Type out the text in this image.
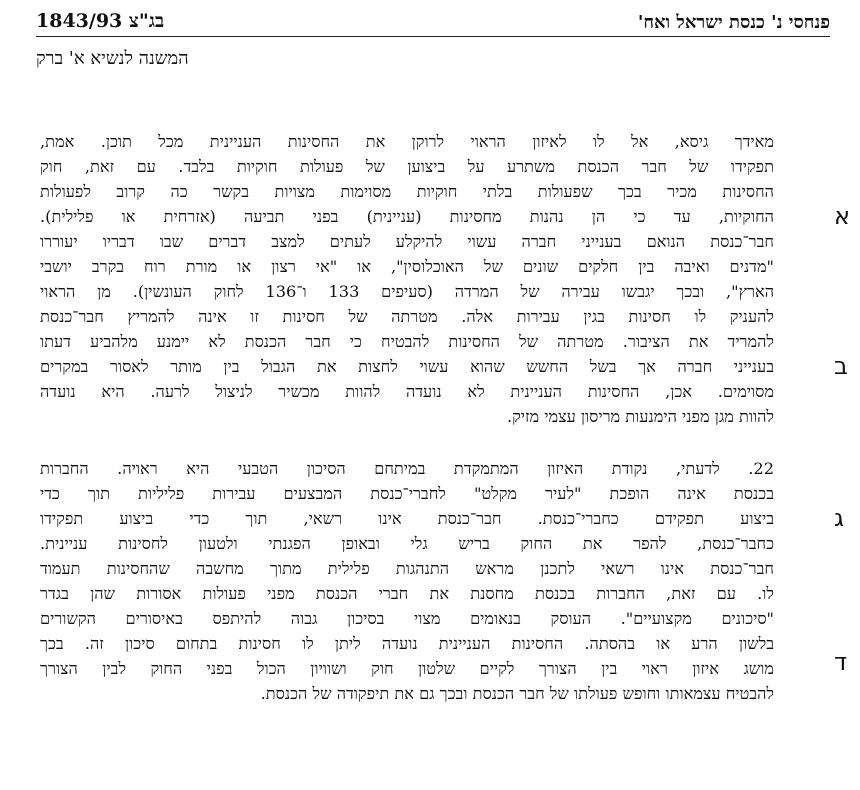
בג"צ 1843/93	פנחסי נ' כנסת ישראל ואח'
המשנה לנשיא א' ברק
מאידך גיסא, אל לו לאיזון הראוי לרוקן את החסינות העניינית מכל תוכן. אמת,
תפקידו של חבר הכנסת משתרע על ביצוען של פעולות חוקיות בלבד. עם זאת, חוק
החסינות מכיר בכך שפעולות בלתי חוקיות מסוימות מצויות בקשר כה קרוב לפעולות
החוקיות, עד כי הן נהנות מחסינות (עניינית) בפני תביעה (אזרחית או פלילית).
חבר־כנסת הנואם בענייני חברה עשוי להיקלע לעתים למצב דברים שבו דבריו יעוררו
"מדנים ואיבה בין חלקים שונים של האוכלוסין", או "אי רצון או מורת רוח בקרב יושבי
הארץ", ובכך יגבשו עבירה של המרדה (סעיפים 133 ו־136 לחוק העונשין). מן הראוי
להעניק לו חסינות בגין עבירות אלה. מטרתה של חסינות זו אינה להמריץ חבר־כנסת
להמריד את הציבור. מטרתה של החסינות להבטיח כי חבר הכנסת לא יימנע מלהביע דעתו
בענייני חברה אך בשל החשש שהוא עשוי לחצות את הגבול בין מותר לאסור במקרים
מסוימים. אכן, החסינות העניינית לא נועדה להוות מכשיר לניצול לרעה. היא נועדה
להוות מגן מפני הימנעות מריסון עצמי מזיק.
22. לדעתי, נקודת האיזון המתמקדת במיתחם הסיכון הטבעי היא ראויה. החברות
בכנסת אינה הופכת "לעיר מקלט" לחברי־כנסת המבצעים עבירות פליליות תוך כדי
ביצוע תפקידם כחברי־כנסת. חבר־כנסת אינו רשאי, תוך כדי ביצוע תפקידו
כחבר־כנסת, להפר את החוק בריש גלי ובאופן הפגנתי ולטעון לחסינות עניינית.
חבר־כנסת אינו רשאי לתכנן מראש התנהגות פלילית מתוך מחשבה שהחסינות תעמוד
לו. עם זאת, החברות בכנסת מחסנת את חברי הכנסת מפני פעולות אסורות שהן בגדר
"סיכונים מקצועיים". העוסק בנאומים מצוי בסיכון גבוה להיתפס באיסורים הקשורים
בלשון הרע או בהסתה. החסינות העניינית נועדה ליתן לו חסינות בתחום סיכון זה. בכך
מושג איזון ראוי בין הצורך לקיים שלטון חוק ושוויון הכול בפני החוק לבין הצורך
להבטיח עצמאותו וחופש פעולתו של חבר הכנסת ובכך גם את תיפקודה של הכנסת.
א
ב
ג
ד
